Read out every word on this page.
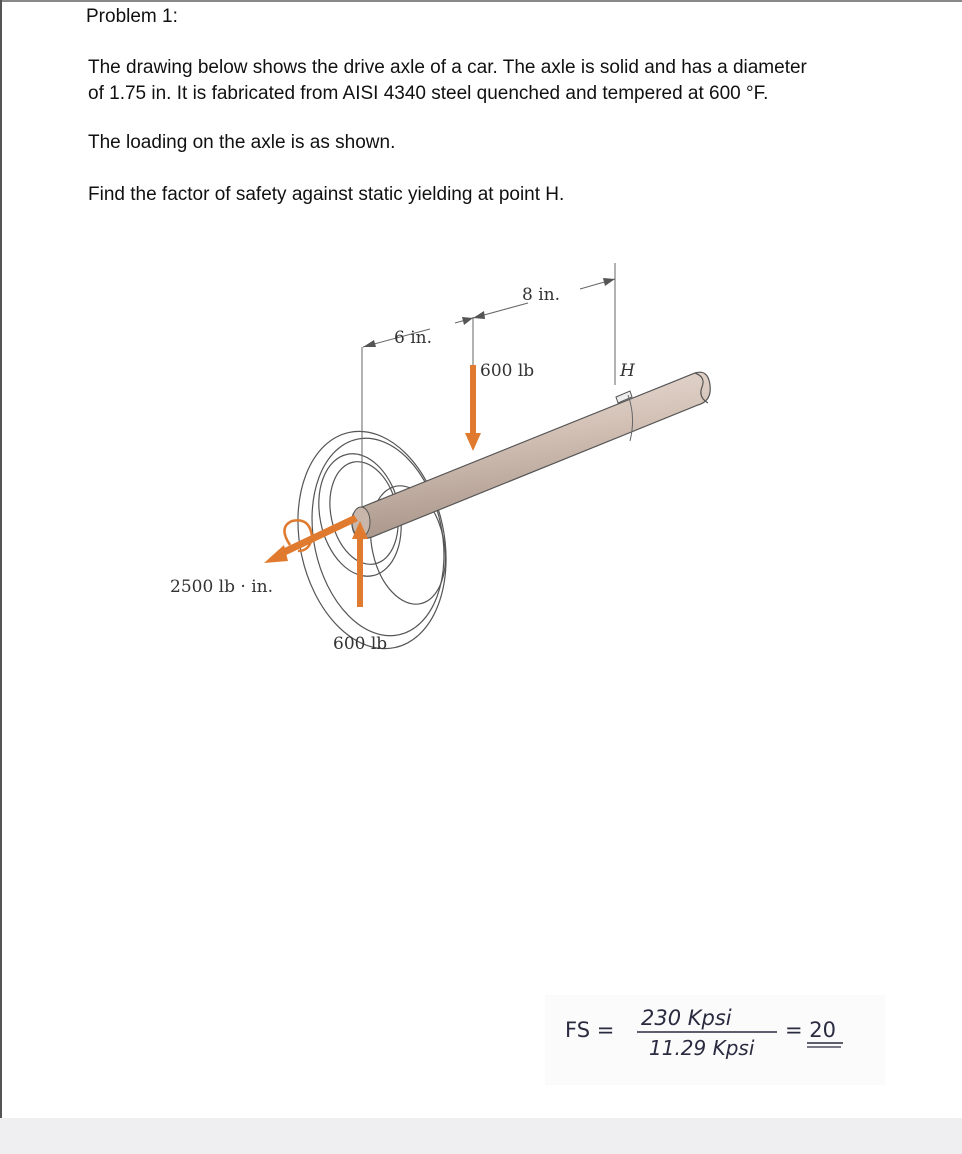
Problem 1:
The drawing below shows the drive axle of a car. The axle is solid and has a diameter
of 1.75 in. It is fabricated from AISI 4340 steel quenched and tempered at 600 °F.
The loading on the axle is as shown.
Find the factor of safety against static yielding at point H.
8 in.
6 in.
600 lb	H
2500 lb · in.
600 lb
FS = 230 Kpsi
11.29 Kpsi
= 20
